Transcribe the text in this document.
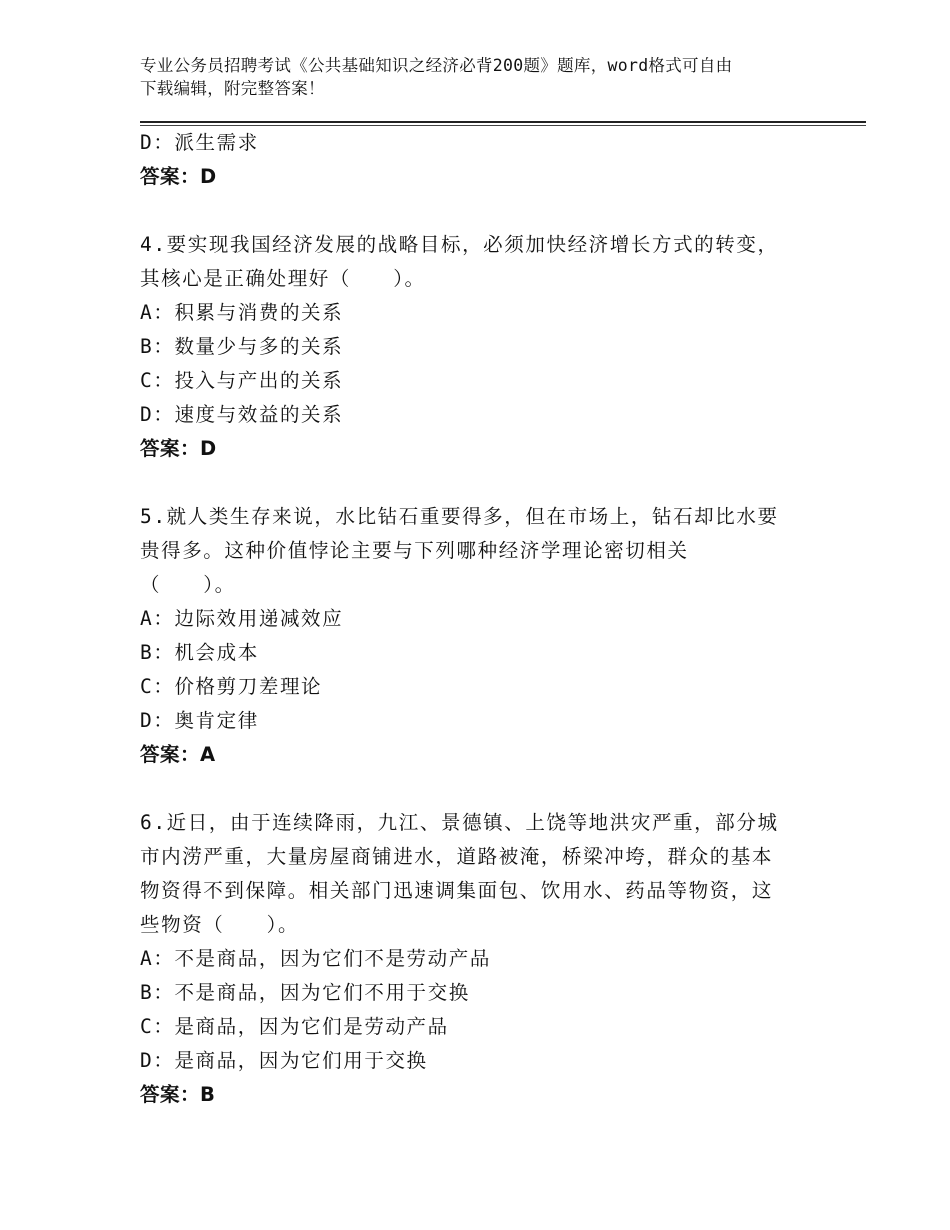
专业公务员招聘考试《公共基础知识之经济必背200题》题库，word格式可自由
下载编辑，附完整答案！
D：派生需求
答案：D
4.要实现我国经济发展的战略目标，必须加快经济增长方式的转变，
其核心是正确处理好（　　）。
A：积累与消费的关系
B：数量少与多的关系
C：投入与产出的关系
D：速度与效益的关系
答案：D
5.就人类生存来说，水比钻石重要得多，但在市场上，钻石却比水要
贵得多。这种价值悖论主要与下列哪种经济学理论密切相关
（　　）。
A：边际效用递减效应
B：机会成本
C：价格剪刀差理论
D：奥肯定律
答案：A
6.近日，由于连续降雨，九江、景德镇、上饶等地洪灾严重，部分城
市内涝严重，大量房屋商铺进水，道路被淹，桥梁冲垮，群众的基本
物资得不到保障。相关部门迅速调集面包、饮用水、药品等物资，这
些物资（　　）。
A：不是商品，因为它们不是劳动产品
B：不是商品，因为它们不用于交换
C：是商品，因为它们是劳动产品
D：是商品，因为它们用于交换
答案：B
